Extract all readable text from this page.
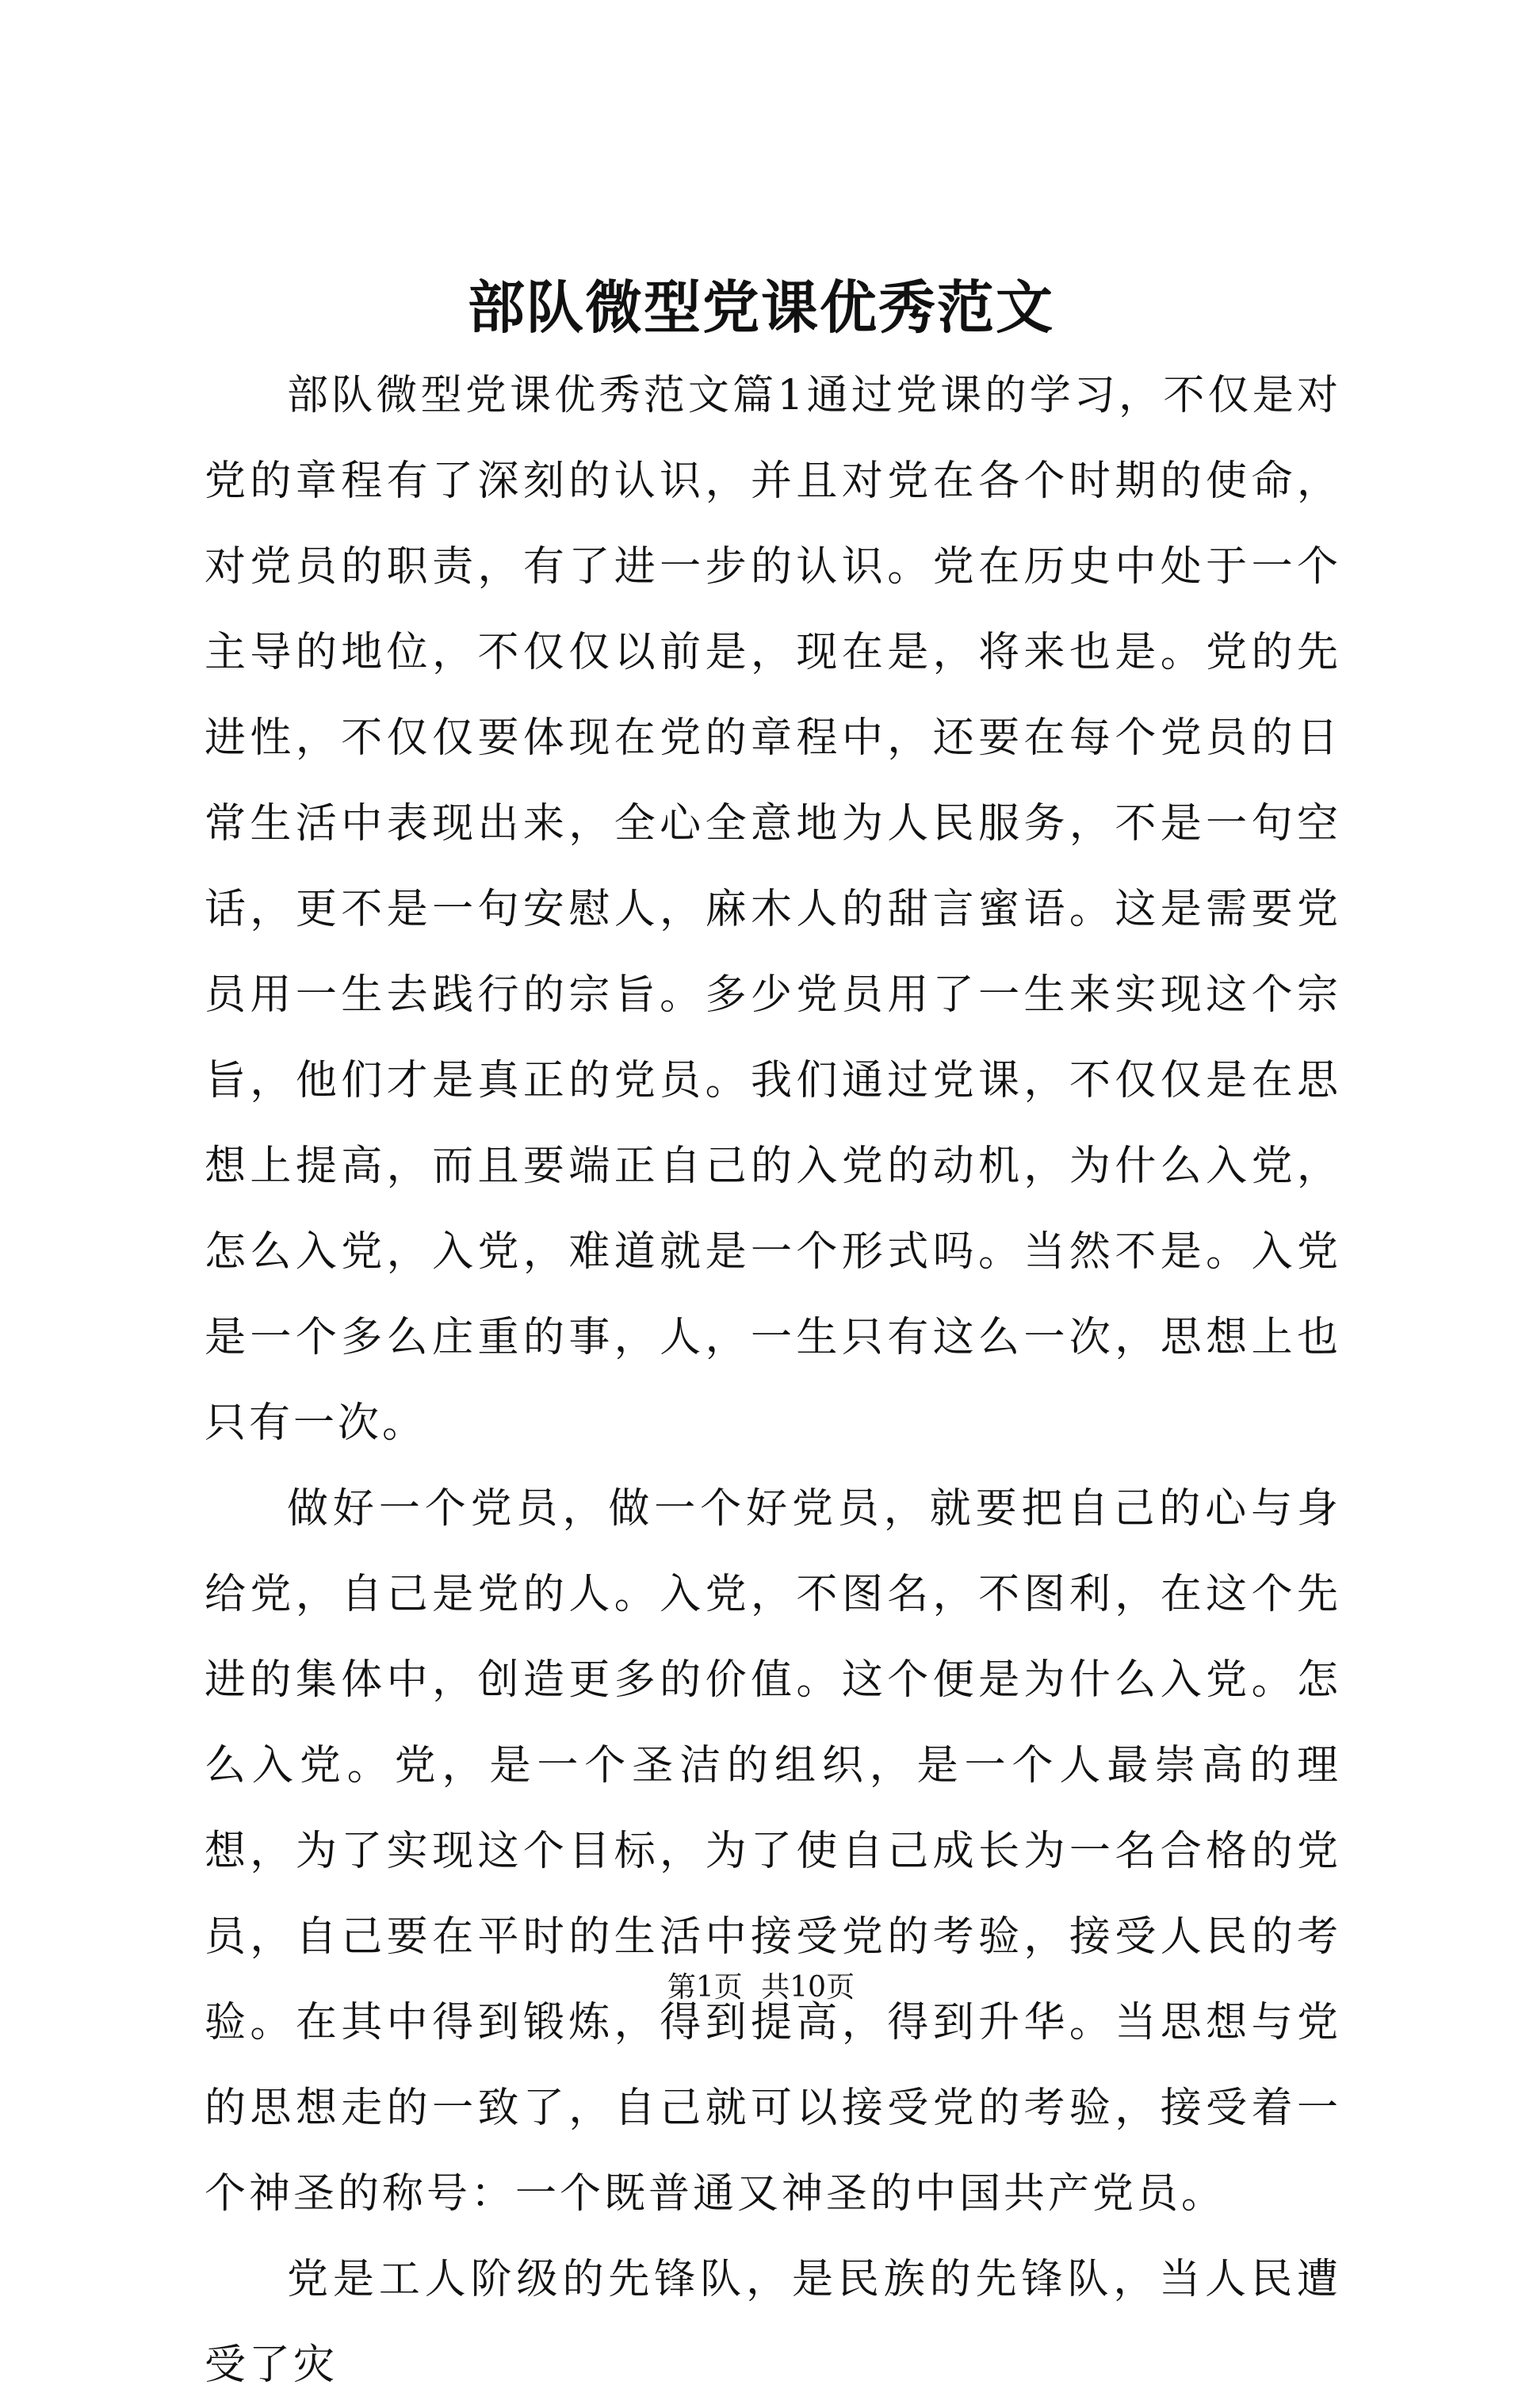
部队微型党课优秀范文

部队微型党课优秀范文篇1通过党课的学习，不仅是对党的章程有了深刻的认识，并且对党在各个时期的使命，对党员的职责，有了进一步的认识。党在历史中处于一个主导的地位，不仅仅以前是，现在是，将来也是。党的先进性，不仅仅要体现在党的章程中，还要在每个党员的日常生活中表现出来，全心全意地为人民服务，不是一句空话，更不是一句安慰人，麻木人的甜言蜜语。这是需要党员用一生去践行的宗旨。多少党员用了一生来实现这个宗旨，他们才是真正的党员。我们通过党课，不仅仅是在思想上提高，而且要端正自己的入党的动机，为什么入党，怎么入党，入党，难道就是一个形式吗。当然不是。入党是一个多么庄重的事，人，一生只有这么一次，思想上也只有一次。

做好一个党员，做一个好党员，就要把自己的心与身给党，自己是党的人。入党，不图名，不图利，在这个先进的集体中，创造更多的价值。这个便是为什么入党。怎么入党。党，是一个圣洁的组织，是一个人最崇高的理想，为了实现这个目标，为了使自己成长为一名合格的党员，自己要在平时的生活中接受党的考验，接受人民的考验。在其中得到锻炼，得到提高，得到升华。当思想与党的思想走的一致了，自己就可以接受党的考验，接受着一个神圣的称号：一个既普通又神圣的中国共产党员。

党是工人阶级的先锋队，是民族的先锋队，当人民遭受了灾

第1页 共10页
